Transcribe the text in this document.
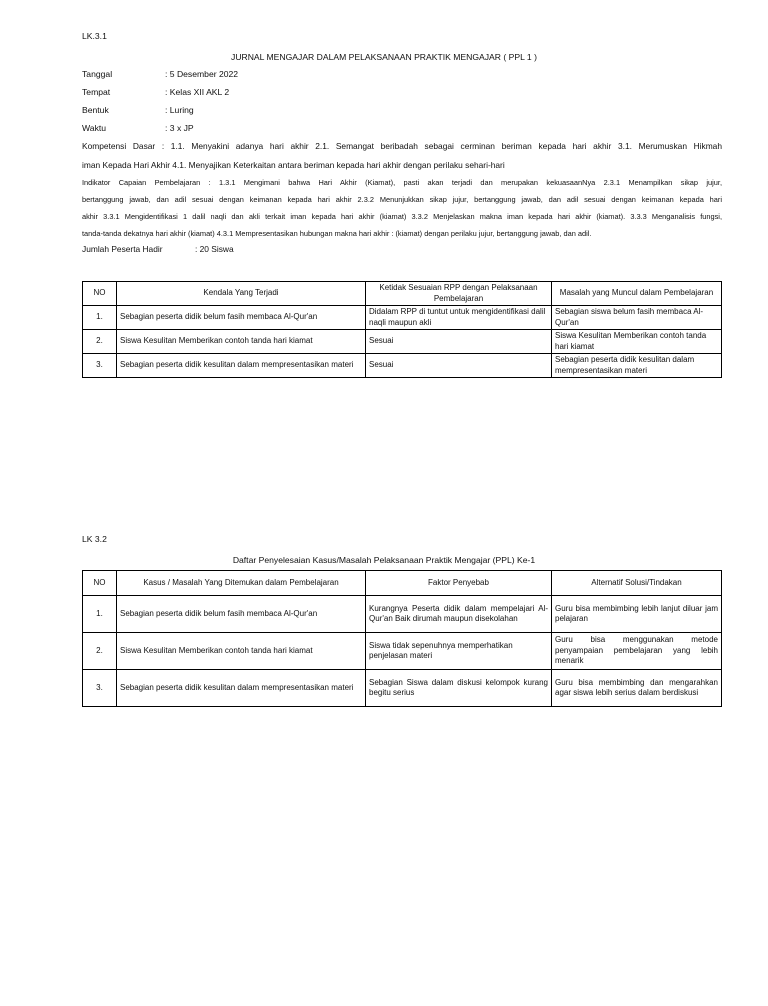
LK.3.1
JURNAL MENGAJAR DALAM PELAKSANAAN PRAKTIK MENGAJAR ( PPL 1 )
Tanggal	: 5 Desember 2022
Tempat	: Kelas XII AKL 2
Bentuk	: Luring
Waktu	: 3 x JP
Kompetensi Dasar : 1.1. Menyakini adanya hari akhir 2.1. Semangat beribadah sebagai cerminan beriman kepada hari akhir 3.1. Merumuskan Hikmah
iman Kepada Hari Akhir 4.1. Menyajikan Keterkaitan antara beriman kepada hari akhir dengan perilaku sehari-hari
Indikator Capaian Pembelajaran : 1.3.1 Mengimani bahwa Hari Akhir (Kiamat), pasti akan terjadi dan merupakan kekuasaanNya 2.3.1 Menampilkan sikap jujur,
bertanggung jawab, dan adil sesuai dengan keimanan kepada hari akhir 2.3.2 Menunjukkan sikap jujur, bertanggung jawab, dan adil sesuai dengan keimanan kepada hari
akhir 3.3.1 Mengidentifikasi 1 dalil naqli dan akli terkait iman kepada hari akhir (kiamat) 3.3.2 Menjelaskan makna iman kepada hari akhir (kiamat). 3.3.3 Menganalisis fungsi,
tanda-tanda dekatnya hari akhir (kiamat) 4.3.1 Mempresentasikan hubungan makna hari akhir : (kiamat) dengan perilaku jujur, bertanggung jawab, dan adil.
Jumlah Peserta Hadir	: 20 Siswa
NO	Kendala Yang Terjadi	Ketidak Sesuaian RPP dengan Pelaksanaan Pembelajaran	Masalah yang Muncul dalam Pembelajaran
1.	Sebagian peserta didik belum fasih membaca Al-Qur'an	Didalam RPP di tuntut untuk mengidentifikasi dalil naqli maupun akli	Sebagian siswa belum fasih membaca Al-Qur'an
2.	Siswa Kesulitan Memberikan contoh tanda hari kiamat	Sesuai	Siswa Kesulitan Memberikan contoh tanda hari kiamat
3.	Sebagian peserta didik kesulitan dalam mempresentasikan materi	Sesuai	Sebagian peserta didik kesulitan dalam mempresentasikan materi
LK 3.2
Daftar Penyelesaian Kasus/Masalah Pelaksanaan Praktik Mengajar (PPL) Ke-1
NO	Kasus / Masalah Yang Ditemukan dalam Pembelajaran	Faktor Penyebab	Alternatif Solusi/Tindakan
1.	Sebagian peserta didik belum fasih membaca Al-Qur'an	Kurangnya Peserta didik dalam mempelajari Al-Qur'an Baik dirumah maupun disekolahan	Guru bisa membimbing lebih lanjut diluar jam pelajaran
2.	Siswa Kesulitan Memberikan contoh tanda hari kiamat	Siswa tidak sepenuhnya memperhatikan penjelasan materi	Guru bisa menggunakan metode penyampaian pembelajaran yang lebih menarik
3.	Sebagian peserta didik kesulitan dalam mempresentasikan materi	Sebagian Siswa dalam diskusi kelompok kurang begitu serius	Guru bisa membimbing dan mengarahkan agar siswa lebih serius dalam berdiskusi
